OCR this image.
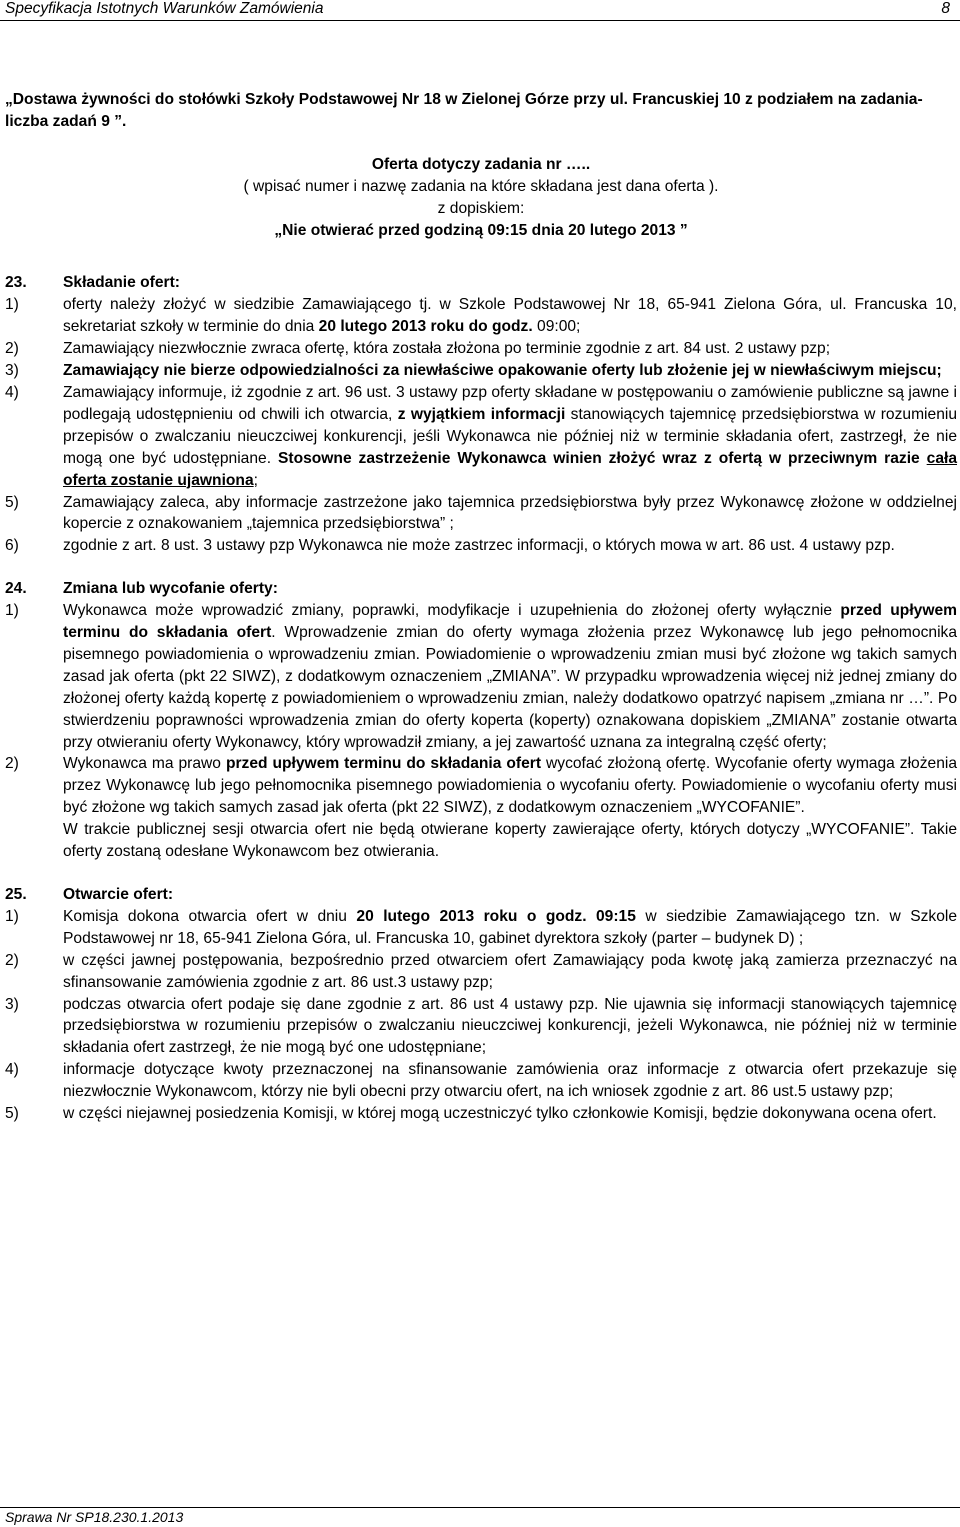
Specyfikacja Istotnych Warunków Zamówienia	8

„Dostawa żywności do stołówki Szkoły Podstawowej Nr 18 w Zielonej Górze przy ul. Francuskiej 10 z podziałem na zadania- liczba zadań 9 ”.

Oferta dotyczy zadania nr …..

( wpisać numer i nazwę zadania na które składana jest dana oferta ).

z dopiskiem:

„Nie otwierać przed godziną 09:15 dnia 20 lutego 2013 ”

23.	Składanie ofert:
1)	oferty należy złożyć w siedzibie Zamawiającego tj. w Szkole Podstawowej Nr 18, 65-941 Zielona Góra, ul. Francuska 10, sekretariat szkoły w terminie do dnia 20 lutego 2013 roku do godz. 09:00;
2)	Zamawiający niezwłocznie zwraca ofertę, która została złożona po terminie zgodnie z art. 84 ust. 2 ustawy pzp;
3)	Zamawiający nie bierze odpowiedzialności za niewłaściwe opakowanie oferty lub złożenie jej w niewłaściwym miejscu;
4)	Zamawiający informuje, iż zgodnie z art. 96 ust. 3 ustawy pzp oferty składane w postępowaniu o zamówienie publiczne są jawne i podlegają udostępnieniu od chwili ich otwarcia, z wyjątkiem informacji stanowiących tajemnicę przedsiębiorstwa w rozumieniu przepisów o zwalczaniu nieuczciwej konkurencji, jeśli Wykonawca nie później niż w terminie składania ofert, zastrzegł, że nie mogą one być udostępniane. Stosowne zastrzeżenie Wykonawca winien złożyć wraz z ofertą w przeciwnym razie cała oferta zostanie ujawniona;
5)	Zamawiający zaleca, aby informacje zastrzeżone jako tajemnica przedsiębiorstwa były przez Wykonawcę złożone w oddzielnej kopercie z oznakowaniem „tajemnica przedsiębiorstwa” ;
6)	zgodnie z art. 8 ust. 3 ustawy pzp Wykonawca nie może zastrzec informacji, o których mowa w art. 86 ust. 4 ustawy pzp.
24.	Zmiana lub wycofanie oferty:
1)	Wykonawca może wprowadzić zmiany, poprawki, modyfikacje i uzupełnienia do złożonej oferty wyłącznie przed upływem terminu do składania ofert. Wprowadzenie zmian do oferty wymaga złożenia przez Wykonawcę lub jego pełnomocnika pisemnego powiadomienia o wprowadzeniu zmian. Powiadomienie o wprowadzeniu zmian musi być złożone wg takich samych zasad jak oferta (pkt 22 SIWZ), z dodatkowym oznaczeniem „ZMIANA”. W przypadku wprowadzenia więcej niż jednej zmiany do złożonej oferty każdą kopertę z powiadomieniem o wprowadzeniu zmian, należy dodatkowo opatrzyć napisem „zmiana nr …”. Po stwierdzeniu poprawności wprowadzenia zmian do oferty koperta (koperty) oznakowana dopiskiem „ZMIANA” zostanie otwarta przy otwieraniu oferty Wykonawcy, który wprowadził zmiany, a jej zawartość uznana za integralną część oferty;
2)	Wykonawca ma prawo przed upływem terminu do składania ofert wycofać złożoną ofertę. Wycofanie oferty wymaga złożenia przez Wykonawcę lub jego pełnomocnika pisemnego powiadomienia o wycofaniu oferty. Powiadomienie o wycofaniu oferty musi być złożone wg takich samych zasad jak oferta (pkt 22 SIWZ), z dodatkowym oznaczeniem „WYCOFANIE”.
W trakcie publicznej sesji otwarcia ofert nie będą otwierane koperty zawierające oferty, których dotyczy „WYCOFANIE”. Takie oferty zostaną odesłane Wykonawcom bez otwierania.
25.	Otwarcie ofert:
1)	Komisja dokona otwarcia ofert w dniu 20 lutego 2013 roku o godz. 09:15 w siedzibie Zamawiającego tzn. w Szkole Podstawowej nr 18, 65-941 Zielona Góra, ul. Francuska 10, gabinet dyrektora szkoły (parter – budynek D) ;
2)	w części jawnej postępowania, bezpośrednio przed otwarciem ofert Zamawiający poda kwotę jaką zamierza przeznaczyć na sfinansowanie zamówienia zgodnie z art. 86 ust.3 ustawy pzp;
3)	podczas otwarcia ofert podaje się dane zgodnie z art. 86 ust 4 ustawy pzp. Nie ujawnia się informacji stanowiących tajemnicę przedsiębiorstwa w rozumieniu przepisów o zwalczaniu nieuczciwej konkurencji, jeżeli Wykonawca, nie później niż w terminie składania ofert zastrzegł, że nie mogą być one udostępniane;
4)	informacje dotyczące kwoty przeznaczonej na sfinansowanie zamówienia oraz informacje z otwarcia ofert przekazuje się niezwłocznie Wykonawcom, którzy nie byli obecni przy otwarciu ofert, na ich wniosek zgodnie z art. 86 ust.5 ustawy pzp;
5)	w części niejawnej posiedzenia Komisji, w której mogą uczestniczyć tylko członkowie Komisji, będzie dokonywana ocena ofert.
Sprawa Nr SP18.230.1.2013
